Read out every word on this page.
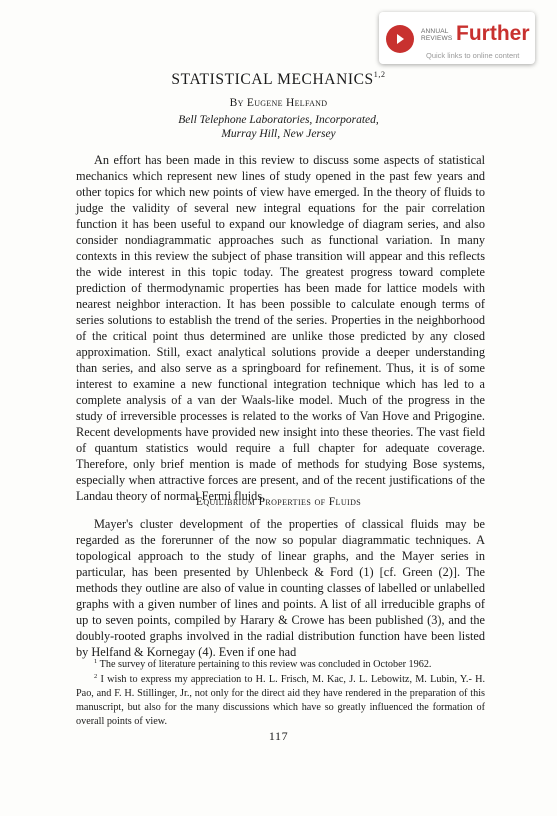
ANNUAL REVIEWS Further
Quick links to online content
STATISTICAL MECHANICS$^{1,2}$
By Eugene Helfand
Bell Telephone Laboratories, Incorporated,
Murray Hill, New Jersey

An effort has been made in this review to discuss some aspects of statistical mechanics which represent new lines of study opened in the past few years and other topics for which new points of view have emerged. In the theory of fluids to judge the validity of several new integral equations for the pair correlation function it has been useful to expand our knowledge of diagram series, and also consider nondiagrammatic approaches such as functional variation. In many contexts in this review the subject of phase transition will appear and this reflects the wide interest in this topic today. The greatest progress toward complete prediction of thermodynamic properties has been made for lattice models with nearest neighbor interaction. It has been possible to calculate enough terms of series solutions to establish the trend of the series. Properties in the neighborhood of the critical point thus determined are unlike those predicted by any closed approximation. Still, exact analytical solutions provide a deeper understanding than series, and also serve as a springboard for refinement. Thus, it is of some interest to examine a new functional integration technique which has led to a complete analysis of a van der Waals-like model. Much of the progress in the study of irreversible processes is related to the works of Van Hove and Prigogine. Recent developments have provided new insight into these theories. The vast field of quantum statistics would require a full chapter for adequate coverage. Therefore, only brief mention is made of methods for studying Bose systems, especially when attractive forces are present, and of the recent justifications of the Landau theory of normal Fermi fluids.

Equilibrium Properties of Fluids

Mayer's cluster development of the properties of classical fluids may be regarded as the forerunner of the now so popular diagrammatic techniques. A topological approach to the study of linear graphs, and the Mayer series in particular, has been presented by Uhlenbeck & Ford (1) [cf. Green (2)]. The methods they outline are also of value in counting classes of labelled or unlabelled graphs with a given number of lines and points. A list of all irreducible graphs of up to seven points, compiled by Harary & Crowe has been published (3), and the doubly-rooted graphs involved in the radial distribution function have been listed by Helfand & Kornegay (4). Even if one had

$^1$ The survey of literature pertaining to this review was concluded in October 1962.

$^2$ I wish to express my appreciation to H. L. Frisch, M. Kac, J. L. Lebowitz, M. Lubin, Y.- H. Pao, and F. H. Stillinger, Jr., not only for the direct aid they have rendered in the preparation of this manuscript, but also for the many discussions which have so greatly influenced the formation of overall points of view.

117
